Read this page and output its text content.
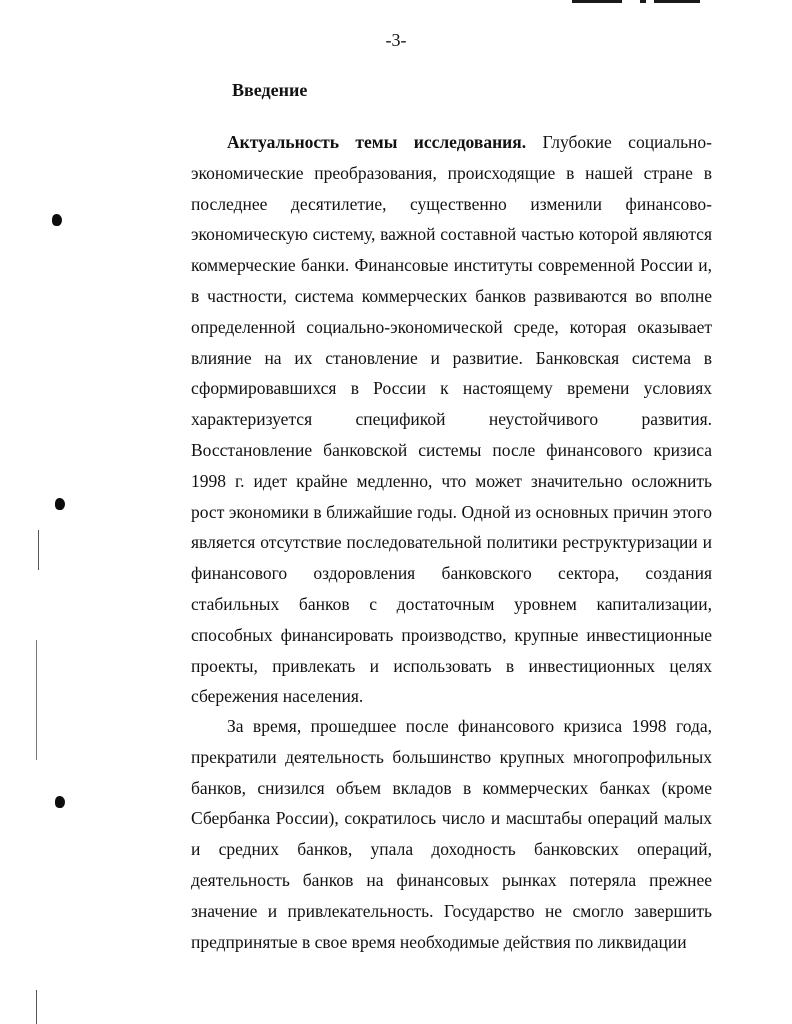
-3-
Введение

Актуальность темы исследования. Глубокие социально-экономические преобразования, происходящие в нашей стране в последнее десятилетие, существенно изменили финансово-экономическую систему, важной составной частью которой являются коммерческие банки. Финансовые институты современной России и, в частности, система коммерческих банков развиваются во вполне определенной социально-экономической среде, которая оказывает влияние на их становление и развитие. Банковская система в сформировавшихся в России к настоящему времени условиях характеризуется спецификой неустойчивого развития. Восстановление банковской системы после финансового кризиса 1998 г. идет крайне медленно, что может значительно осложнить рост экономики в ближайшие годы. Одной из основных причин этого является отсутствие последовательной политики реструктуризации и финансового оздоровления банковского сектора, создания стабильных банков с достаточным уровнем капитализации, способных финансировать производство, крупные инвестиционные проекты, привлекать и использовать в инвестиционных целях сбережения населения.

За время, прошедшее после финансового кризиса 1998 года, прекратили деятельность большинство крупных многопрофильных банков, снизился объем вкладов в коммерческих банках (кроме Сбербанка России), сократилось число и масштабы операций малых и средних банков, упала доходность банковских операций, деятельность банков на финансовых рынках потеряла прежнее значение и привлекательность. Государство не смогло завершить предпринятые в свое время необходимые действия по ликвидации
